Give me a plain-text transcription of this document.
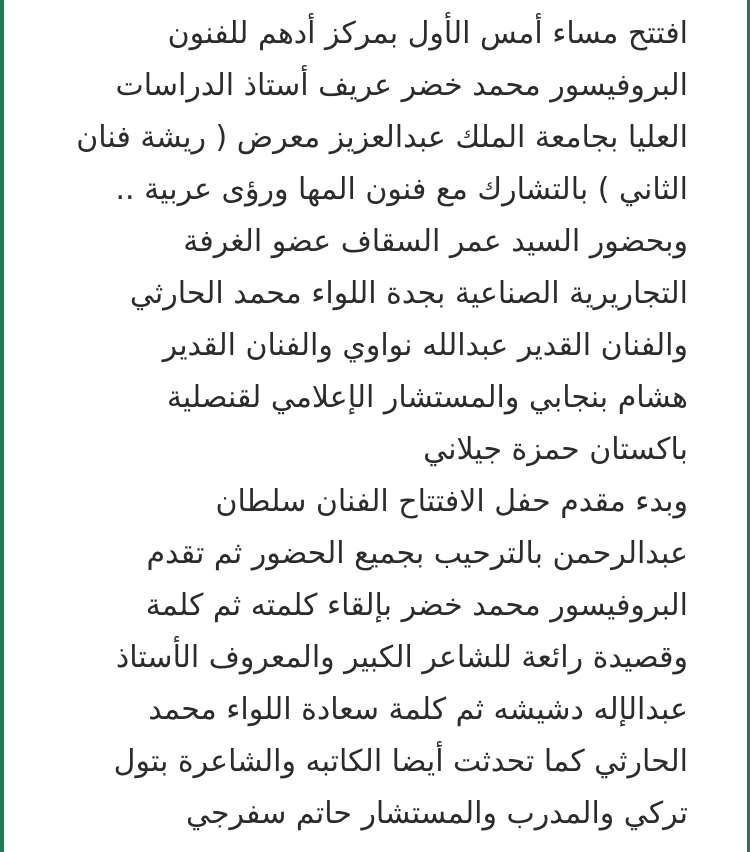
افتتح مساء أمس الأول بمركز أدهم للفنون
البروفيسور محمد خضر عريف أستاذ الدراسات
العليا بجامعة الملك عبدالعزيز معرض ( ريشة فنان
الثاني ) بالتشارك مع فنون المها ورؤى عربية ..
وبحضور السيد عمر السقاف عضو الغرفة
التجاريرية الصناعية بجدة اللواء محمد الحارثي
والفنان القدير عبدالله نواوي والفنان القدير
هشام بنجابي والمستشار الإعلامي لقنصلية
باكستان حمزة جيلاني
وبدء مقدم حفل الافتتاح الفنان سلطان
عبدالرحمن بالترحيب بجميع الحضور ثم تقدم
البروفيسور محمد خضر بإلقاء كلمته ثم كلمة
وقصيدة رائعة للشاعر الكبير والمعروف الأستاذ
عبدالإله دشيشه ثم كلمة سعادة اللواء محمد
الحارثي كما تحدثت أيضا الكاتبه والشاعرة بتول
تركي والمدرب والمستشار حاتم سفرجي
